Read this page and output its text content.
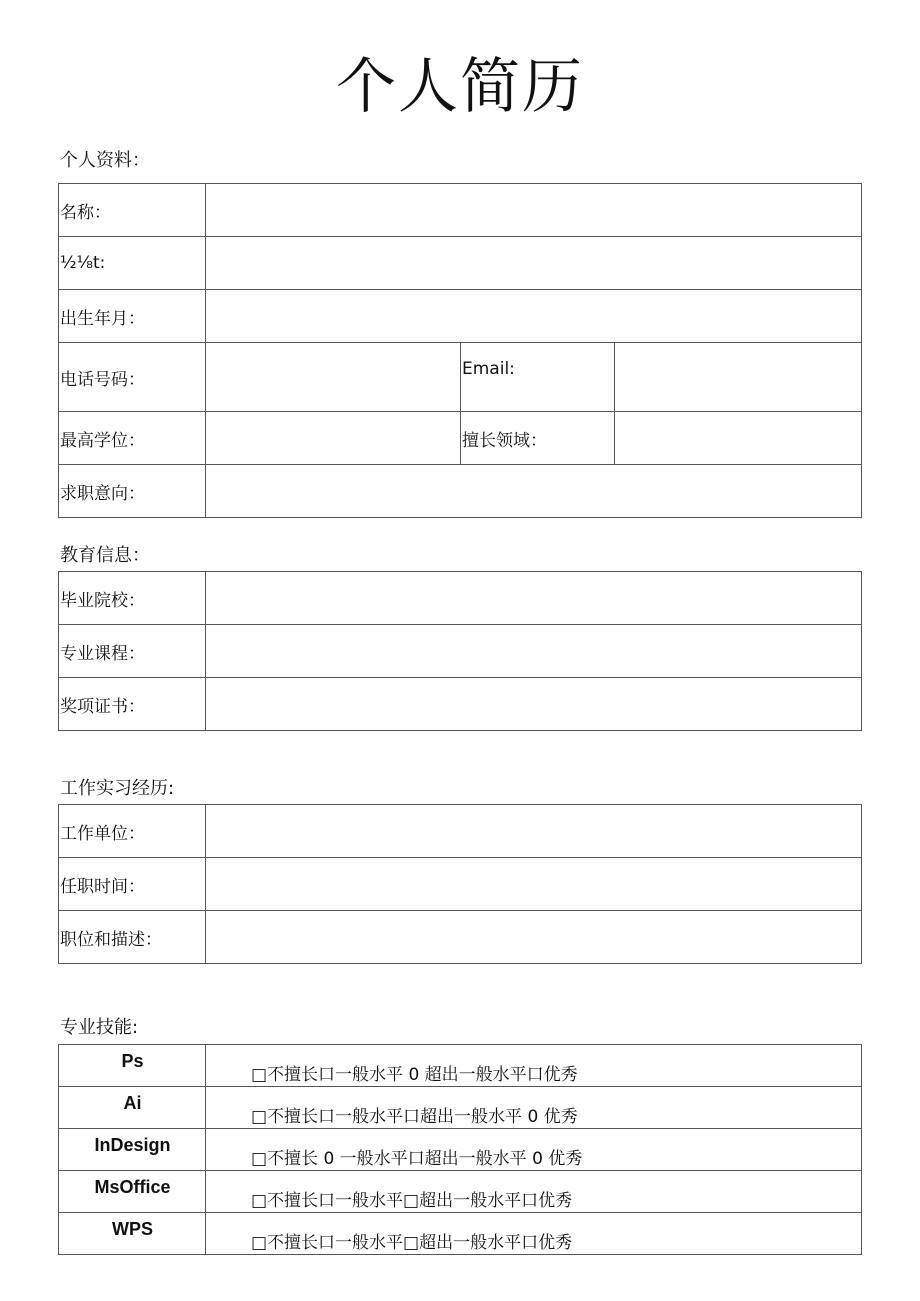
个人简历
个人资料：
名称：			
½⅛t:			
出生年月：			
电话号码：		Email:	
最高学位：		擅长领域：	
求职意向：			
教育信息：
毕业院校：	
专业课程：	
奖项证书：	
工作实习经历:
工作单位：	
任职时间：	
职位和描述：	
专业技能:
Ps	□不擅长口一般水平 0 超出一般水平口优秀
Ai	□不擅长口一般水平口超出一般水平 0 优秀
InDesign	□不擅长 0 一般水平口超出一般水平 0 优秀
MsOffice	□不擅长口一般水平□超出一般水平口优秀
WPS	□不擅长口一般水平□超出一般水平口优秀
